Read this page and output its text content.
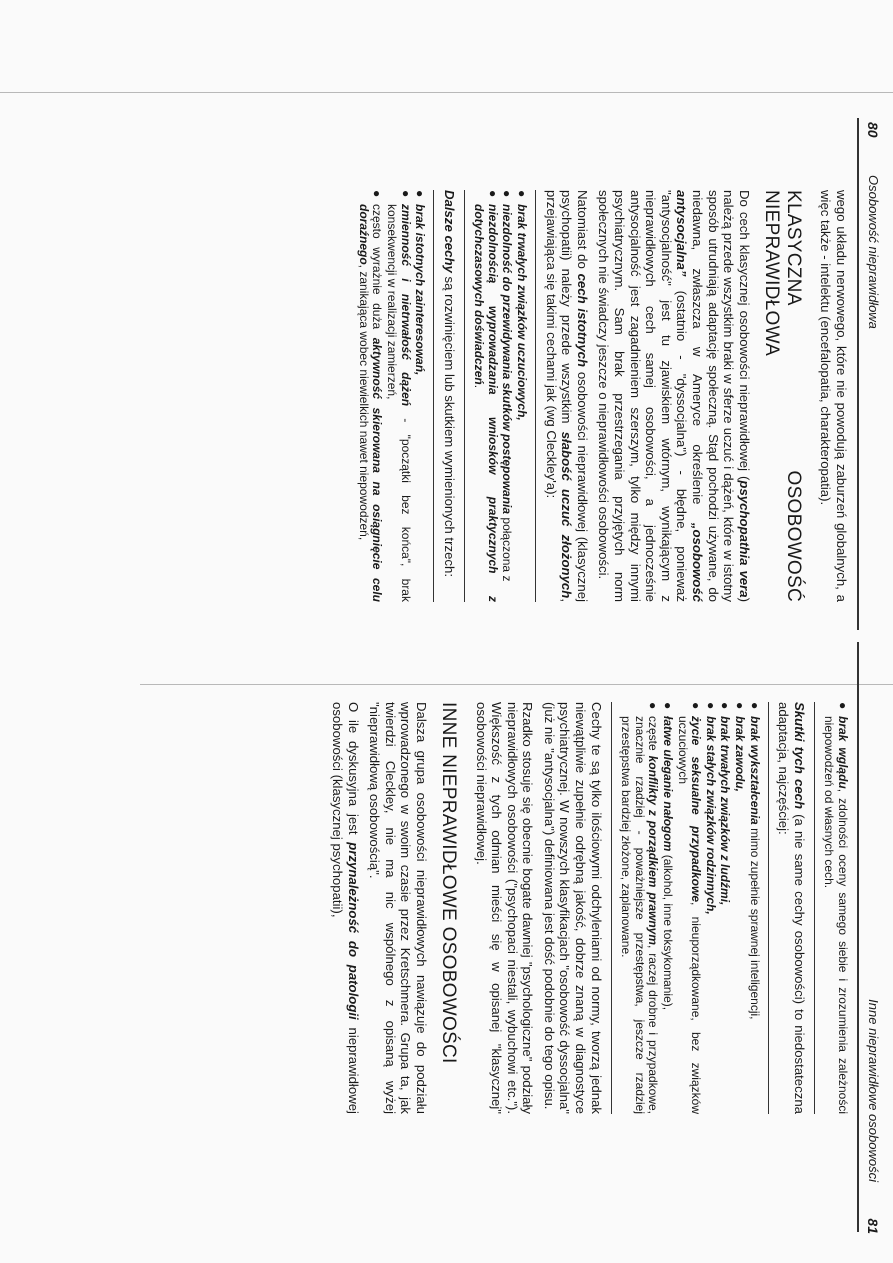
80
Osobowość nieprawidłowa

wego układu nerwowego, które nie powodują zaburzeń globalnych, a więc także - intelektu (encefalopatia, charakteropatia).

KLASYCZNA OSOBOWOŚĆ NIEPRAWIDŁOWA

Do cech klasycznej osobowości nieprawidłowej (psychopathia vera) należą przede wszystkim braki w sferze uczuć i dążeń, które w istotny sposób utrudniają adaptację społeczną. Stąd pochodzi używane, do niedawna, zwłaszcza w Ameryce określenie „osobowość antysocjalna” (ostatnio - "dyssocjalna") - błędne, ponieważ "antysocjalność" jest tu zjawiskiem wtórnym, wynikającym z nieprawidłowych cech samej osobowości, a jednocześnie antysocjalność jest zagadnieniem szerszym, tylko między innymi psychiatrycznym. Sam brak przestrzegania przyjętych norm społecznych nie świadczy jeszcze o nieprawidłowości osobowości.

Natomiast do cech istotnych osobowości nieprawidłowej (klasycznej psychopatii) należy przede wszystkim słabość uczuć złożonych, przejawiająca się takimi cechami jak (wg Cleckley'a):

●
brak trwałych związków uczuciowych,
●
niezdolność do przewidywania skutków postępowania połączona z
●
niezdolnością wyprowadzania wniosków praktycznych z dotychczasowych doświadczeń.

Dalsze cechy są rozwinięciem lub skutkiem wymienionych trzech:

●
brak istotnych zainteresowań,
●
zmienność i nietrwałość dążeń - "początki bez końca", brak konsekwencji w realizacji zamierzeń,
●
często wyrażnie duża aktywność skierowana na osiągnięcie celu doraźnego, zanikająca wobec niewielkich nawet niepowodzeń,
Inne nieprawidłowe osobowości
81
●
brak wglądu, zdolności oceny samego siebie i zrozumienia zależności niepowodzeń od własnych cech.

Skutki tych cech (a nie same cechy osobowości) to niedostateczna adaptacja, najczęściej:

●
brak wykształcenia mimo zupełnie sprawnej inteligencji,
●
brak zawodu,
●
brak trwałych związków z ludźmi,
●
brak stałych związków rodzinnych,
●
życie seksualne przypadkowe, nieuporządkowane, bez związków uczuciowych
●
łatwe uleganie nałogom (alkohol, inne toksykomanie),
●
częste konflikty z porządkiem prawnym, raczej drobne i przypadkowe, znacznie rzadziej - poważniejsze przestępstwa, jeszcze rzadziej przestępstwa bardziej złożone, zaplanowane.

Cechy te są tylko ilościowymi odchyleniami od normy, tworzą jednak niewątpliwie zupełnie odrębną jakość, dobrze znaną w diagnostyce psychiatrycznej. W nowszych klasyfikacjach "osobowość dyssocjalna" (już nie "antysocjalna") definiowana jest dość podobnie do tego opisu.

Rzadko stosuje się obecnie bogate dawniej "psychologiczne" podziały nieprawidłowych osobowości ("psychopaci niestali, wybuchowi etc."). Większość z tych odmian mieści się w opisanej "klasycznej" osobowości nieprawidłowej.

INNE NIEPRAWIDŁOWE OSOBOWOŚCI

Dalsza grupa osobowości nieprawidłowych nawiązuje do podziału wprowadzonego w swoim czasie przez Kretschmera. Grupa ta, jak twierdzi Cleckley, nie ma nic wspólnego z opisaną wyżej "nieprawidłową osobowością".

O ile dyskusyjna jest przynależność do patologii nieprawidłowej osobowości (klasycznej psychopatii),
